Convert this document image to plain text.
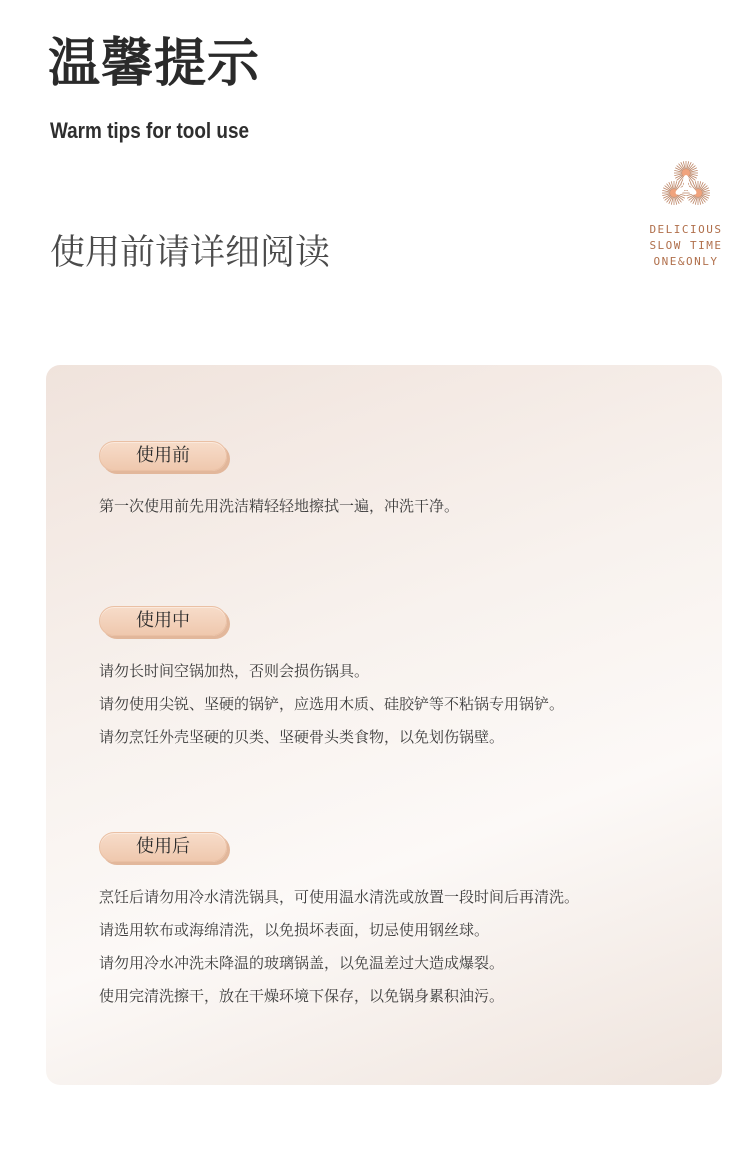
温馨提示
Warm tips for tool use
使用前请详细阅读
DELICIOUS
SLOW TIME
ONE&ONLY
使用前
第一次使用前先用洗洁精轻轻地擦拭一遍，冲洗干净。
使用中
请勿长时间空锅加热，否则会损伤锅具。
请勿使用尖锐、坚硬的锅铲，应选用木质、硅胶铲等不粘锅专用锅铲。
请勿烹饪外壳坚硬的贝类、坚硬骨头类食物，以免划伤锅壁。
使用后
烹饪后请勿用冷水清洗锅具，可使用温水清洗或放置一段时间后再清洗。
请选用软布或海绵清洗，以免损坏表面，切忌使用钢丝球。
请勿用冷水冲洗未降温的玻璃锅盖，以免温差过大造成爆裂。
使用完清洗擦干，放在干燥环境下保存，以免锅身累积油污。
